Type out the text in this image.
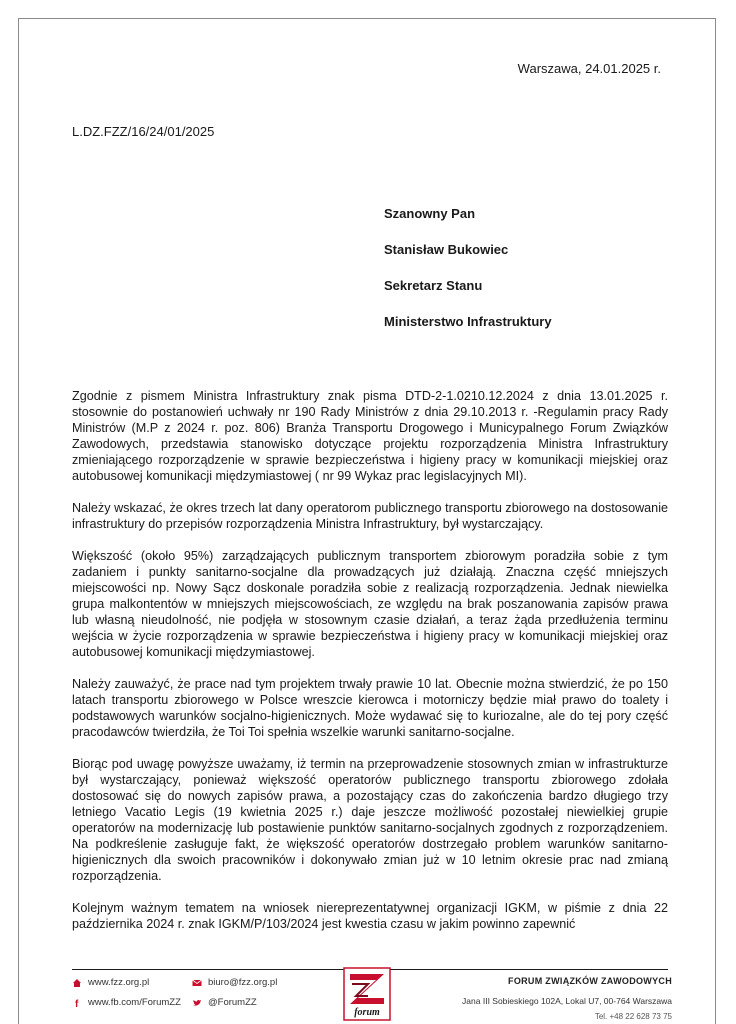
Warszawa, 24.01.2025 r.
L.DZ.FZZ/16/24/01/2025
Szanowny Pan
Stanisław Bukowiec
Sekretarz Stanu
Ministerstwo Infrastruktury

Zgodnie z pismem Ministra Infrastruktury znak pisma DTD-2-1.0210.12.2024 z dnia 13.01.2025 r. stosownie do postanowień uchwały nr 190 Rady Ministrów z dnia 29.10.2013 r. -Regulamin pracy Rady Ministrów (M.P z 2024 r. poz. 806) Branża Transportu Drogowego i Municypalnego Forum Związków Zawodowych, przedstawia stanowisko dotyczące projektu rozporządzenia Ministra Infrastruktury zmieniającego rozporządzenie w sprawie bezpieczeństwa i higieny pracy w komunikacji miejskiej oraz autobusowej komunikacji międzymiastowej ( nr 99 Wykaz prac legislacyjnych MI).

Należy wskazać, że okres trzech lat dany operatorom publicznego transportu zbiorowego na dostosowanie infrastruktury do przepisów rozporządzenia Ministra Infrastruktury, był wystarczający.

Większość (około 95%) zarządzających publicznym transportem zbiorowym poradziła sobie z tym zadaniem i punkty sanitarno-socjalne dla prowadzących już działają. Znaczna część mniejszych miejscowości np. Nowy Sącz doskonale poradziła sobie z realizacją rozporządzenia. Jednak niewielka grupa malkontentów w mniejszych miejscowościach, ze względu na brak poszanowania zapisów prawa lub własną nieudolność, nie podjęła w stosownym czasie działań, a teraz żąda przedłużenia terminu wejścia w życie rozporządzenia w sprawie bezpieczeństwa i higieny pracy w komunikacji miejskiej oraz autobusowej komunikacji międzymiastowej.

Należy zauważyć, że prace nad tym projektem trwały prawie 10 lat. Obecnie można stwierdzić, że po 150 latach transportu zbiorowego w Polsce wreszcie kierowca i motorniczy będzie miał prawo do toalety i podstawowych warunków socjalno-higienicznych. Może wydawać się to kuriozalne, ale do tej pory część pracodawców twierdziła, że Toi Toi spełnia wszelkie warunki sanitarno-socjalne.

Biorąc pod uwagę powyższe uważamy, iż termin na przeprowadzenie stosownych zmian w infrastrukturze był wystarczający, ponieważ większość operatorów publicznego transportu zbiorowego zdołała dostosować się do nowych zapisów prawa, a pozostający czas do zakończenia bardzo długiego trzy letniego Vacatio Legis (19 kwietnia 2025 r.) daje jeszcze możliwość pozostałej niewielkiej grupie operatorów na modernizację lub postawienie punktów sanitarno-socjalnych zgodnych z rozporządzeniem. Na podkreślenie zasługuje fakt, że większość operatorów dostrzegało problem warunków sanitarno-higienicznych dla swoich pracowników i dokonywało zmian już w 10 letnim okresie prac nad zmianą rozporządzenia.

Kolejnym ważnym tematem na wniosek niereprezentatywnej organizacji IGKM, w piśmie z dnia 22 października 2024 r. znak IGKM/P/103/2024 jest kwestia czasu w jakim powinno zapewnić

www.fzz.org.pl	biuro@fzz.org.pl
f www.fb.com/ForumZZ	@ForumZZ
forum
FORUM ZWIĄZKÓW ZAWODOWYCH
Jana III Sobieskiego 102A, Lokal U7, 00-764 Warszawa
Tel. +48 22 628 73 75
